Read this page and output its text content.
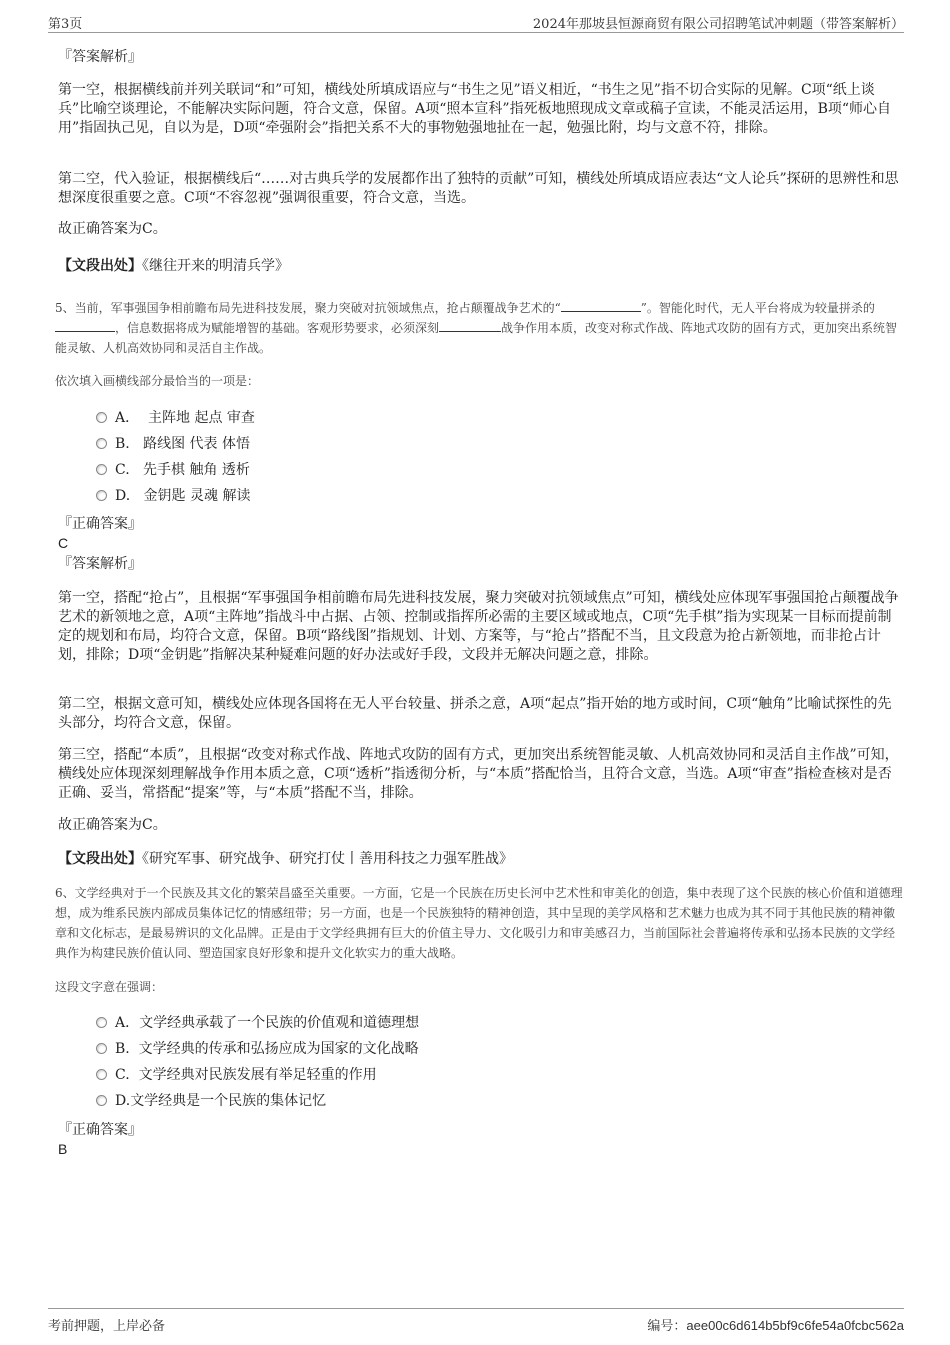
第3页	2024年那坡县恒源商贸有限公司招聘笔试冲刺题（带答案解析）

『答案解析』

第一空，根据横线前并列关联词“和”可知，横线处所填成语应与“书生之见”语义相近，“书生之见”指不切合实际的见解。C项“纸上谈兵”比喻空谈理论，不能解决实际问题，符合文意，保留。A项“照本宣科”指死板地照现成文章或稿子宣读，不能灵活运用，B项“师心自用”指固执己见，自以为是，D项“牵强附会”指把关系不大的事物勉强地扯在一起，勉强比附，均与文意不符，排除。

第二空，代入验证，根据横线后“……对古典兵学的发展都作出了独特的贡献”可知，横线处所填成语应表达“文人论兵”探研的思辨性和思想深度很重要之意。C项“不容忽视”强调很重要，符合文意，当选。

故正确答案为C。

【文段出处】《继往开来的明清兵学》

5、当前，军事强国争相前瞻布局先进科技发展，聚力突破对抗领域焦点，抢占颠覆战争艺术的“	”。智能化时代，无人平台将成为较量拼杀的，信息数据将成为赋能增智的基础。客观形势要求，必须深刻	战争作用本质，改变对称式作战、阵地式攻防的固有方式，更加突出系统智能灵敏、人机高效协同和灵活自主作战。

依次填入画横线部分最恰当的一项是：

A． 主阵地 起点 审查
B. 路线图 代表 体悟
C. 先手棋 触角 透析
D. 金钥匙 灵魂 解读

『正确答案』

C

『答案解析』

第一空，搭配“抢占”，且根据“军事强国争相前瞻布局先进科技发展，聚力突破对抗领域焦点”可知，横线处应体现军事强国抢占颠覆战争艺术的新领地之意，A项“主阵地”指战斗中占据、占领、控制或指挥所必需的主要区域或地点，C项“先手棋”指为实现某一目标而提前制定的规划和布局，均符合文意，保留。B项“路线图”指规划、计划、方案等，与“抢占”搭配不当，且文段意为抢占新领地，而非抢占计划，排除；D项“金钥匙”指解决某种疑难问题的好办法或好手段，文段并无解决问题之意，排除。

第二空，根据文意可知，横线处应体现各国将在无人平台较量、拼杀之意，A项“起点”指开始的地方或时间，C项“触角”比喻试探性的先头部分，均符合文意，保留。

第三空，搭配“本质”，且根据“改变对称式作战、阵地式攻防的固有方式，更加突出系统智能灵敏、人机高效协同和灵活自主作战”可知，横线处应体现深刻理解战争作用本质之意，C项“透析”指透彻分析，与“本质”搭配恰当，且符合文意，当选。A项“审查”指检查核对是否正确、妥当，常搭配“提案”等，与“本质”搭配不当，排除。

故正确答案为C。

【文段出处】《研究军事、研究战争、研究打仗丨善用科技之力强军胜战》

6、文学经典对于一个民族及其文化的繁荣昌盛至关重要。一方面，它是一个民族在历史长河中艺术性和审美化的创造，集中表现了这个民族的核心价值和道德理想，成为维系民族内部成员集体记忆的情感纽带；另一方面，也是一个民族独特的精神创造，其中呈现的美学风格和艺术魅力也成为其不同于其他民族的精神徽章和文化标志，是最易辨识的文化品牌。正是由于文学经典拥有巨大的价值主导力、文化吸引力和审美感召力，当前国际社会普遍将传承和弘扬本民族的文学经典作为构建民族价值认同、塑造国家良好形象和提升文化软实力的重大战略。

这段文字意在强调：

A．文学经典承载了一个民族的价值观和道德理想
B. 文学经典的传承和弘扬应成为国家的文化战略
C. 文学经典对民族发展有举足轻重的作用
D.文学经典是一个民族的集体记忆

『正确答案』

B

考前押题，上岸必备	编号：aee00c6d614b5bf9c6fe54a0fcbc562a
